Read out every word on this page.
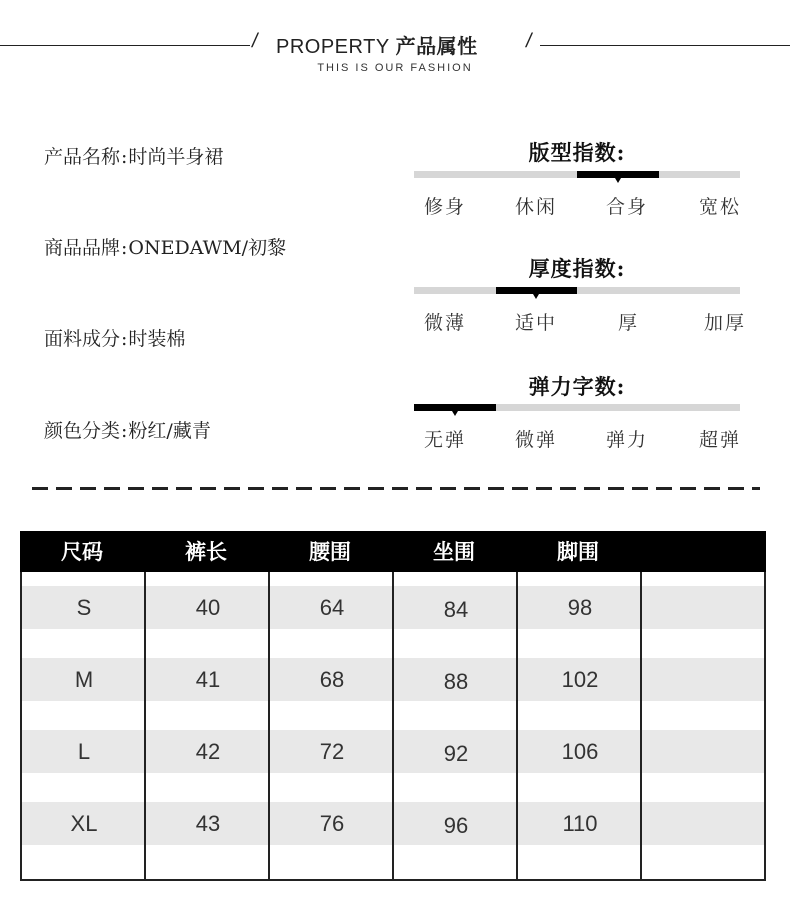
/ PROPERTY 产品属性 /
THIS IS OUR FASHION
产品名称:时尚半身裙
商品品牌:ONEDAWM/初黎
面料成分:时装棉
颜色分类:粉红/藏青
版型指数:
修身	休闲	合身	宽松
厚度指数:
微薄	适中	厚	加厚
弹力字数:
无弹	微弹	弹力	超弹
尺码	裤长	腰围	坐围	脚围
S	40	64	84	98
M	41	68	88	102
L	42	72	92	106
XL	43	76	96	110
